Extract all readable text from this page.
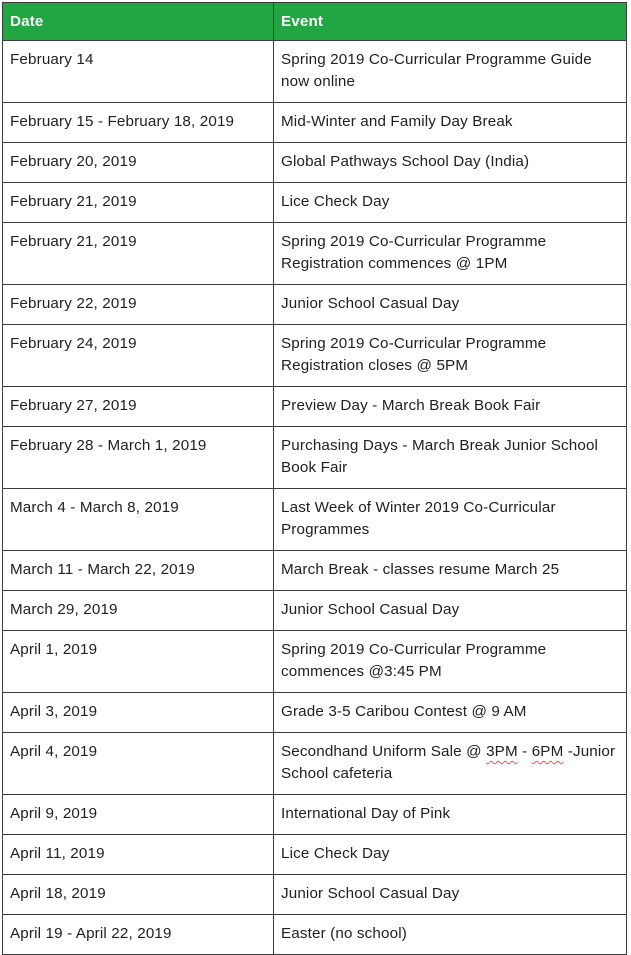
Date	Event
February 14	Spring 2019 Co-Curricular Programme Guide now online
February 15 - February 18, 2019	Mid-Winter and Family Day Break
February 20, 2019	Global Pathways School Day (India)
February 21, 2019	Lice Check Day
February 21, 2019	Spring 2019 Co-Curricular Programme Registration commences @ 1PM
February 22, 2019	Junior School Casual Day
February 24, 2019	Spring 2019 Co-Curricular Programme Registration closes @ 5PM
February 27, 2019	Preview Day - March Break Book Fair
February 28 - March 1, 2019	Purchasing Days - March Break Junior School Book Fair
March 4 - March 8, 2019	Last Week of Winter 2019 Co-Curricular Programmes
March 11 - March 22, 2019	March Break - classes resume March 25
March 29, 2019	Junior School Casual Day
April 1, 2019	Spring 2019 Co-Curricular Programme commences @3:45 PM
April 3, 2019	Grade 3-5 Caribou Contest @ 9 AM
April 4, 2019	Secondhand Uniform Sale @ 3PM - 6PM -Junior School cafeteria
April 9, 2019	International Day of Pink
April 11, 2019	Lice Check Day
April 18, 2019	Junior School Casual Day
April 19 - April 22, 2019	Easter (no school)
